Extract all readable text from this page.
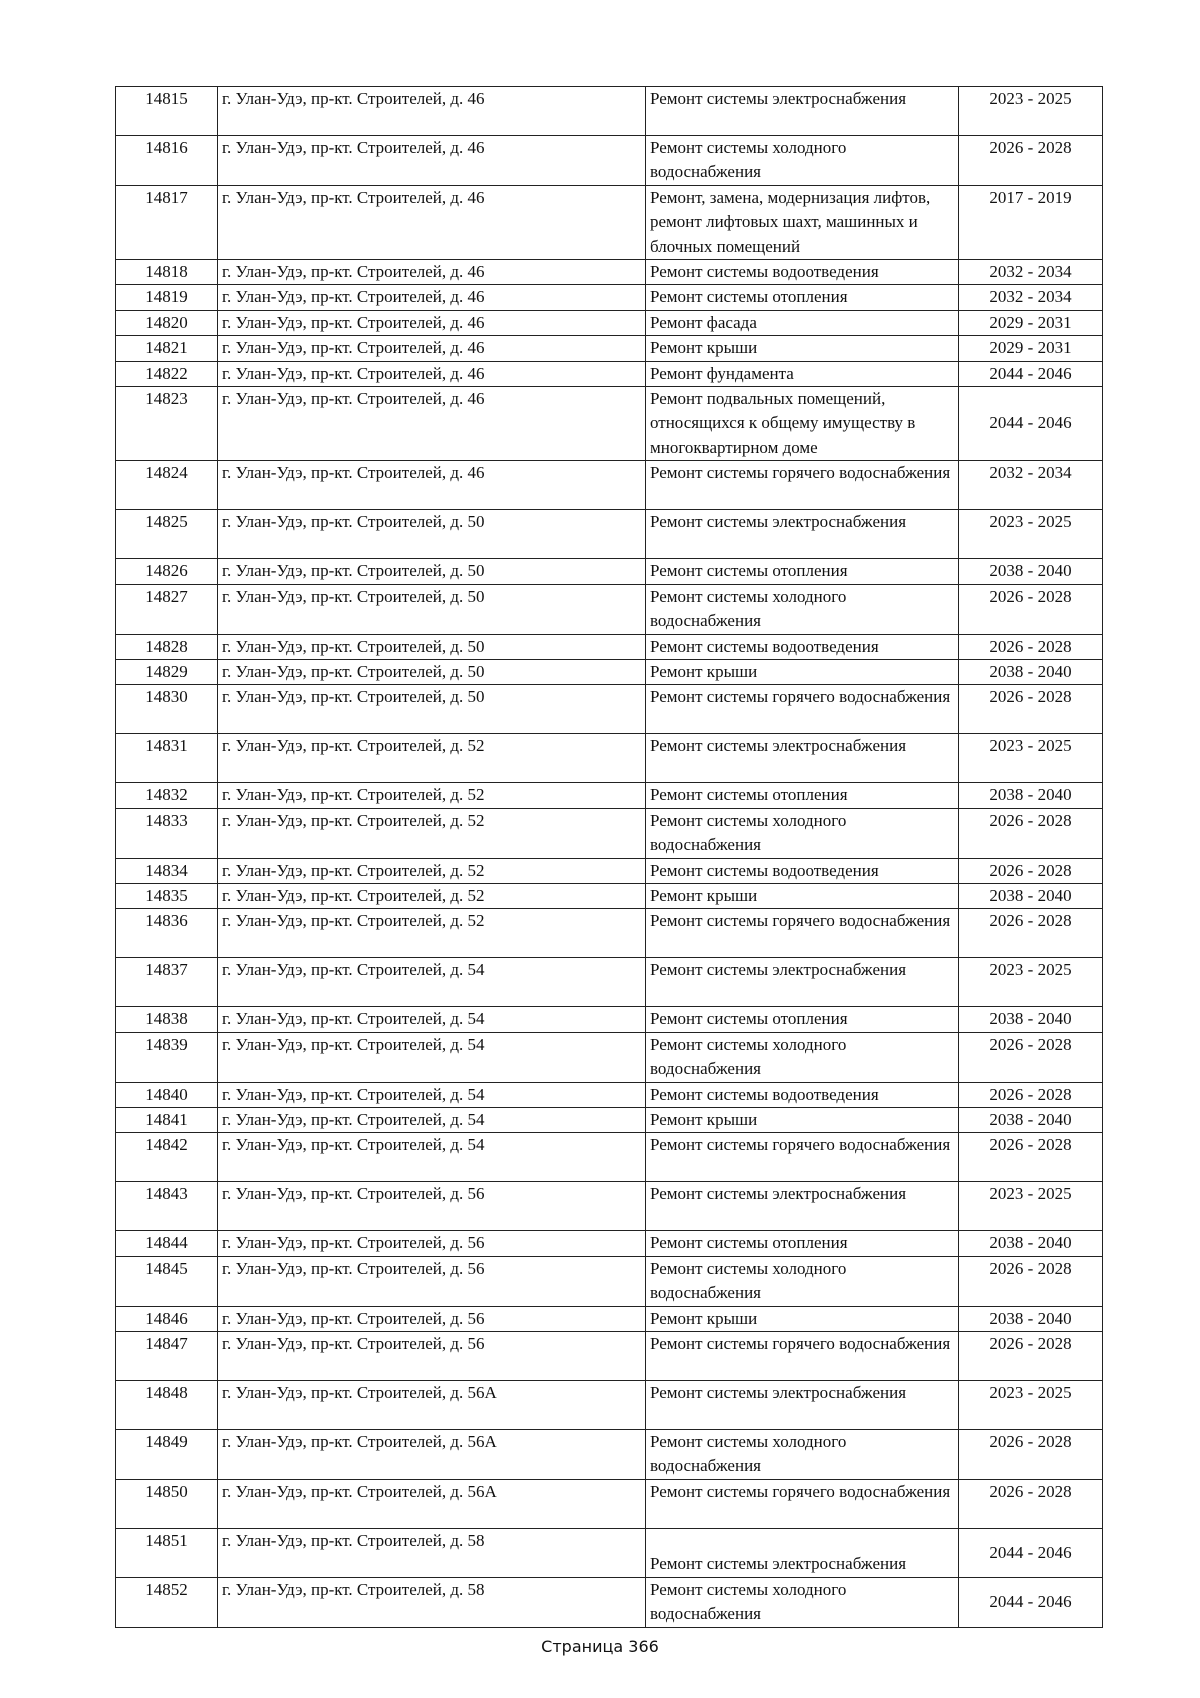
14815	г. Улан-Удэ, пр-кт. Строителей, д. 46	Ремонт системы электроснабжения	2023 - 2025
14816	г. Улан-Удэ, пр-кт. Строителей, д. 46	Ремонт системы холодного водоснабжения	2026 - 2028
14817	г. Улан-Удэ, пр-кт. Строителей, д. 46	Ремонт, замена, модернизация лифтов, ремонт лифтовых шахт, машинных и блочных помещений	2017 - 2019
14818	г. Улан-Удэ, пр-кт. Строителей, д. 46	Ремонт системы водоотведения	2032 - 2034
14819	г. Улан-Удэ, пр-кт. Строителей, д. 46	Ремонт системы отопления	2032 - 2034
14820	г. Улан-Удэ, пр-кт. Строителей, д. 46	Ремонт фасада	2029 - 2031
14821	г. Улан-Удэ, пр-кт. Строителей, д. 46	Ремонт крыши	2029 - 2031
14822	г. Улан-Удэ, пр-кт. Строителей, д. 46	Ремонт фундамента	2044 - 2046
14823	г. Улан-Удэ, пр-кт. Строителей, д. 46	Ремонт подвальных помещений, относящихся к общему имуществу в многоквартирном доме	2044 - 2046
14824	г. Улан-Удэ, пр-кт. Строителей, д. 46	Ремонт системы горячего водоснабжения	2032 - 2034
14825	г. Улан-Удэ, пр-кт. Строителей, д. 50	Ремонт системы электроснабжения	2023 - 2025
14826	г. Улан-Удэ, пр-кт. Строителей, д. 50	Ремонт системы отопления	2038 - 2040
14827	г. Улан-Удэ, пр-кт. Строителей, д. 50	Ремонт системы холодного водоснабжения	2026 - 2028
14828	г. Улан-Удэ, пр-кт. Строителей, д. 50	Ремонт системы водоотведения	2026 - 2028
14829	г. Улан-Удэ, пр-кт. Строителей, д. 50	Ремонт крыши	2038 - 2040
14830	г. Улан-Удэ, пр-кт. Строителей, д. 50	Ремонт системы горячего водоснабжения	2026 - 2028
14831	г. Улан-Удэ, пр-кт. Строителей, д. 52	Ремонт системы электроснабжения	2023 - 2025
14832	г. Улан-Удэ, пр-кт. Строителей, д. 52	Ремонт системы отопления	2038 - 2040
14833	г. Улан-Удэ, пр-кт. Строителей, д. 52	Ремонт системы холодного водоснабжения	2026 - 2028
14834	г. Улан-Удэ, пр-кт. Строителей, д. 52	Ремонт системы водоотведения	2026 - 2028
14835	г. Улан-Удэ, пр-кт. Строителей, д. 52	Ремонт крыши	2038 - 2040
14836	г. Улан-Удэ, пр-кт. Строителей, д. 52	Ремонт системы горячего водоснабжения	2026 - 2028
14837	г. Улан-Удэ, пр-кт. Строителей, д. 54	Ремонт системы электроснабжения	2023 - 2025
14838	г. Улан-Удэ, пр-кт. Строителей, д. 54	Ремонт системы отопления	2038 - 2040
14839	г. Улан-Удэ, пр-кт. Строителей, д. 54	Ремонт системы холодного водоснабжения	2026 - 2028
14840	г. Улан-Удэ, пр-кт. Строителей, д. 54	Ремонт системы водоотведения	2026 - 2028
14841	г. Улан-Удэ, пр-кт. Строителей, д. 54	Ремонт крыши	2038 - 2040
14842	г. Улан-Удэ, пр-кт. Строителей, д. 54	Ремонт системы горячего водоснабжения	2026 - 2028
14843	г. Улан-Удэ, пр-кт. Строителей, д. 56	Ремонт системы электроснабжения	2023 - 2025
14844	г. Улан-Удэ, пр-кт. Строителей, д. 56	Ремонт системы отопления	2038 - 2040
14845	г. Улан-Удэ, пр-кт. Строителей, д. 56	Ремонт системы холодного водоснабжения	2026 - 2028
14846	г. Улан-Удэ, пр-кт. Строителей, д. 56	Ремонт крыши	2038 - 2040
14847	г. Улан-Удэ, пр-кт. Строителей, д. 56	Ремонт системы горячего водоснабжения	2026 - 2028
14848	г. Улан-Удэ, пр-кт. Строителей, д. 56А	Ремонт системы электроснабжения	2023 - 2025
14849	г. Улан-Удэ, пр-кт. Строителей, д. 56А	Ремонт системы холодного водоснабжения	2026 - 2028
14850	г. Улан-Удэ, пр-кт. Строителей, д. 56А	Ремонт системы горячего водоснабжения	2026 - 2028
14851	г. Улан-Удэ, пр-кт. Строителей, д. 58	Ремонт системы электроснабжения	2044 - 2046
14852	г. Улан-Удэ, пр-кт. Строителей, д. 58	Ремонт системы холодного водоснабжения	2044 - 2046
Страница 366
